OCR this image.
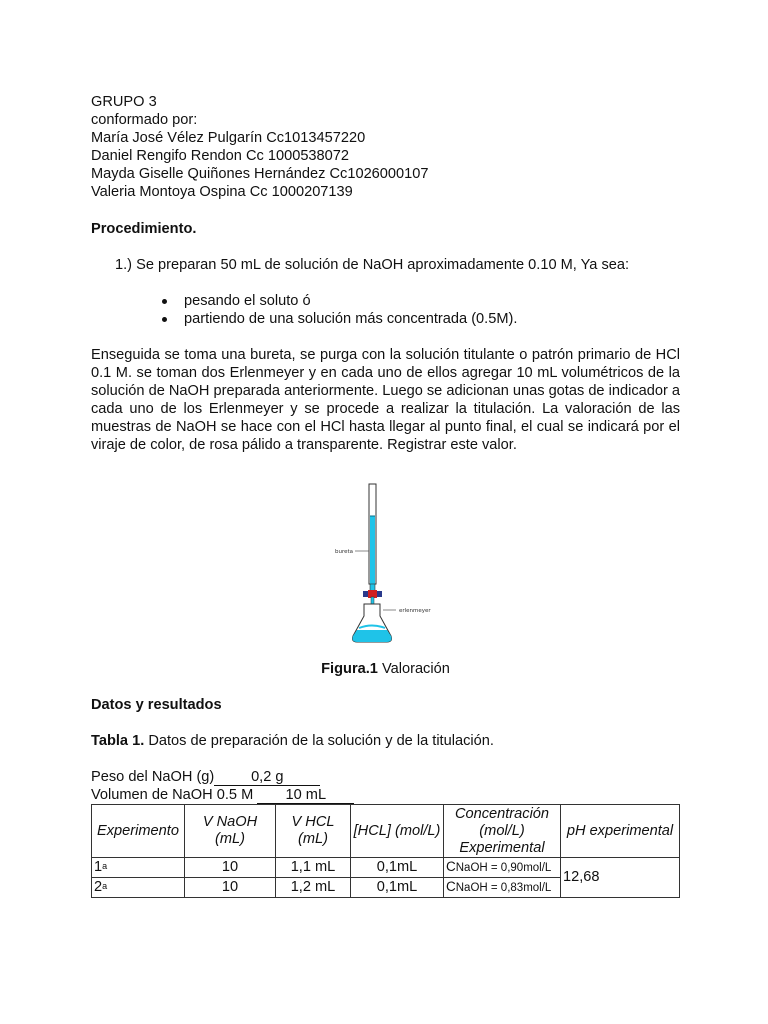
GRUPO 3
conformado por:
María José Vélez Pulgarín Cc1013457220
Daniel Rengifo Rendon Cc 1000538072
Mayda Giselle Quiñones Hernández Cc1026000107
Valeria Montoya Ospina Cc 1000207139
Procedimiento.
1.) Se preparan 50 mL de solución de NaOH aproximadamente 0.10 M, Ya sea:
pesando el soluto ó
partiendo de una solución más concentrada (0.5M).
Enseguida se toma una bureta, se purga con la solución titulante o patrón primario de HCl 0.1 M. se toman dos Erlenmeyer y en cada uno de ellos agregar 10 mL volumétricos de la solución de NaOH preparada anteriormente. Luego se adicionan unas gotas de indicador a cada uno de los Erlenmeyer y se procede a realizar la titulación. La valoración de las muestras de NaOH se hace con el HCl hasta llegar al punto final, el cual se indicará por el viraje de color, de rosa pálido a transparente. Registrar este valor.
bureta
erlenmeyer
Figura.1 Valoración
Datos y resultados
Tabla 1. Datos de preparación de la solución y de la titulación.
Peso del NaOH (g)	0,2 g
Volumen de NaOH 0.5 M 10 mL
Experimento	V NaOH (mL)	V HCL (mL)	[HCL] (mol/L)	Concentración (mol/L) Experimental	pH experimental
1$^a$	10	1,1 mL	0,1mL	CNaOH = 0,90mol/L	12,68
2$^a$	10	1,2 mL	0,1mL	CNaOH = 0,83mol/L	
